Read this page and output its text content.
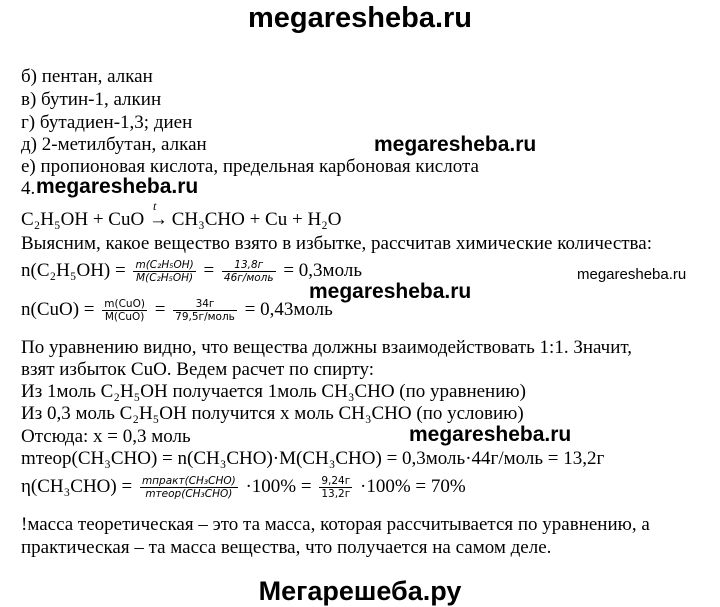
megaresheba.ru
б) пентан, алкан
в) бутин-1, алкин
г) бутадиен-1,3; диен
д) 2-метилбутан, алкан	megaresheba.ru
е) пропионовая кислота, предельная карбоновая кислота
4. megaresheba.ru
C₂H₅OH + CuO
t
→ CH₃CHO + Cu + H₂O
Выясним, какое вещество взято в избытке, рассчитав химические количества:
$n(C_2H_5OH) = \frac{\text{m(C₂H₅OH)}}{\text{M(C₂H₅OH)}} = \frac{13,8г}{\text{46г/моль}}$ = 0,3моль	megaresheba.ru
megaresheba.ru
$n(CuO) = \frac{\text{m(CuO)}}{\text{M(CuO)}} = \frac{34г}{\text{79,5г/моль}}$ = 0,43моль
По уравнению видно, что вещества должны взаимодействовать 1:1. Значит,
взят избыток CuO. Ведем расчет по спирту:
Из 1моль C₂H₅OH получается 1моль CH₃CHO (по уравнению)
Из 0,3 моль C₂H₅OH получится x моль CH₃CHO (по условию)
Отсюда: x = 0,3 моль	megaresheba.ru
mтеор(CH₃CHO) = n(CH₃CHO)·M(CH₃CHO) = 0,3моль·44г/моль = 13,2г
$\eta(CH_3CHO) = \frac{\text{mпракт(CH₃CHO)}}{\text{mтеор(CH₃CHO)}} \cdot 100\% = \frac{9,24г}{13,2г} \cdot 100\% = 70\%$
!масса теоретическая – это та масса, которая рассчитывается по уравнению, а
практическая – та масса вещества, что получается на самом деле.
Мегарешеба.ру
